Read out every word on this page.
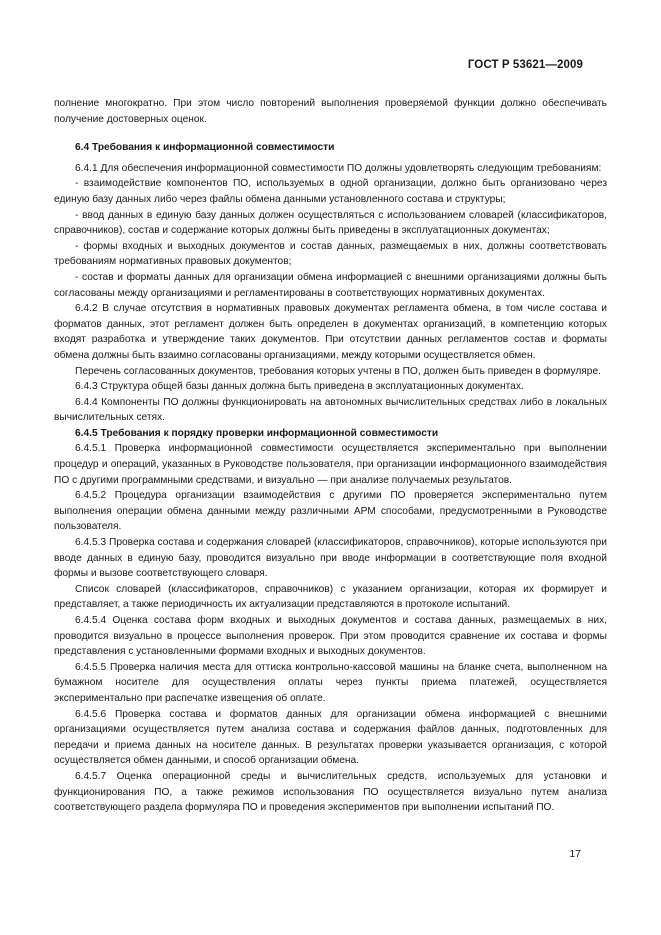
ГОСТ Р 53621—2009

полнение многократно. При этом число повторений выполнения проверяемой функции должно обеспечивать получение достоверных оценок.

6.4 Требования к информационной совместимости

6.4.1 Для обеспечения информационной совместимости ПО должны удовлетворять следующим требованиям:

- взаимодействие компонентов ПО, используемых в одной организации, должно быть организовано через единую базу данных либо через файлы обмена данными установленного состава и структуры;

- ввод данных в единую базу данных должен осуществляться с использованием словарей (классификаторов, справочников), состав и содержание которых должны быть приведены в эксплуатационных документах;

- формы входных и выходных документов и состав данных, размещаемых в них, должны соответствовать требованиям нормативных правовых документов;

- состав и форматы данных для организации обмена информацией с внешними организациями должны быть согласованы между организациями и регламентированы в соответствующих нормативных документах.

6.4.2 В случае отсутствия в нормативных правовых документах регламента обмена, в том числе состава и форматов данных, этот регламент должен быть определен в документах организаций, в компетенцию которых входят разработка и утверждение таких документов. При отсутствии данных регламентов состав и форматы обмена должны быть взаимно согласованы организациями, между которыми осуществляется обмен.

Перечень согласованных документов, требования которых учтены в ПО, должен быть приведен в формуляре.

6.4.3 Структура общей базы данных должна быть приведена в эксплуатационных документах.

6.4.4 Компоненты ПО должны функционировать на автономных вычислительных средствах либо в локальных вычислительных сетях.

6.4.5 Требования к порядку проверки информационной совместимости

6.4.5.1 Проверка информационной совместимости осуществляется экспериментально при выполнении процедур и операций, указанных в Руководстве пользователя, при организации информационного взаимодействия ПО с другими программными средствами, и визуально — при анализе получаемых результатов.

6.4.5.2 Процедура организации взаимодействия с другими ПО проверяется экспериментально путем выполнения операции обмена данными между различными АРМ способами, предусмотренными в Руководстве пользователя.

6.4.5.3 Проверка состава и содержания словарей (классификаторов, справочников), которые используются при вводе данных в единую базу, проводится визуально при вводе информации в соответствующие поля входной формы и вызове соответствующего словаря.

Список словарей (классификаторов, справочников) с указанием организации, которая их формирует и представляет, а также периодичность их актуализации представляются в протоколе испытаний.

6.4.5.4 Оценка состава форм входных и выходных документов и состава данных, размещаемых в них, проводится визуально в процессе выполнения проверок. При этом проводится сравнение их состава и формы представления с установленными формами входных и выходных документов.

6.4.5.5 Проверка наличия места для оттиска контрольно-кассовой машины на бланке счета, выполненном на бумажном носителе для осуществления оплаты через пункты приема платежей, осуществляется экспериментально при распечатке извещения об оплате.

6.4.5.6 Проверка состава и форматов данных для организации обмена информацией с внешними организациями осуществляется путем анализа состава и содержания файлов данных, подготовленных для передачи и приема данных на носителе данных. В результатах проверки указывается организация, с которой осуществляется обмен данными, и способ организации обмена.

6.4.5.7 Оценка операционной среды и вычислительных средств, используемых для установки и функционирования ПО, а также режимов использования ПО осуществляется визуально путем анализа соответствующего раздела формуляра ПО и проведения экспериментов при выполнении испытаний ПО.

17
